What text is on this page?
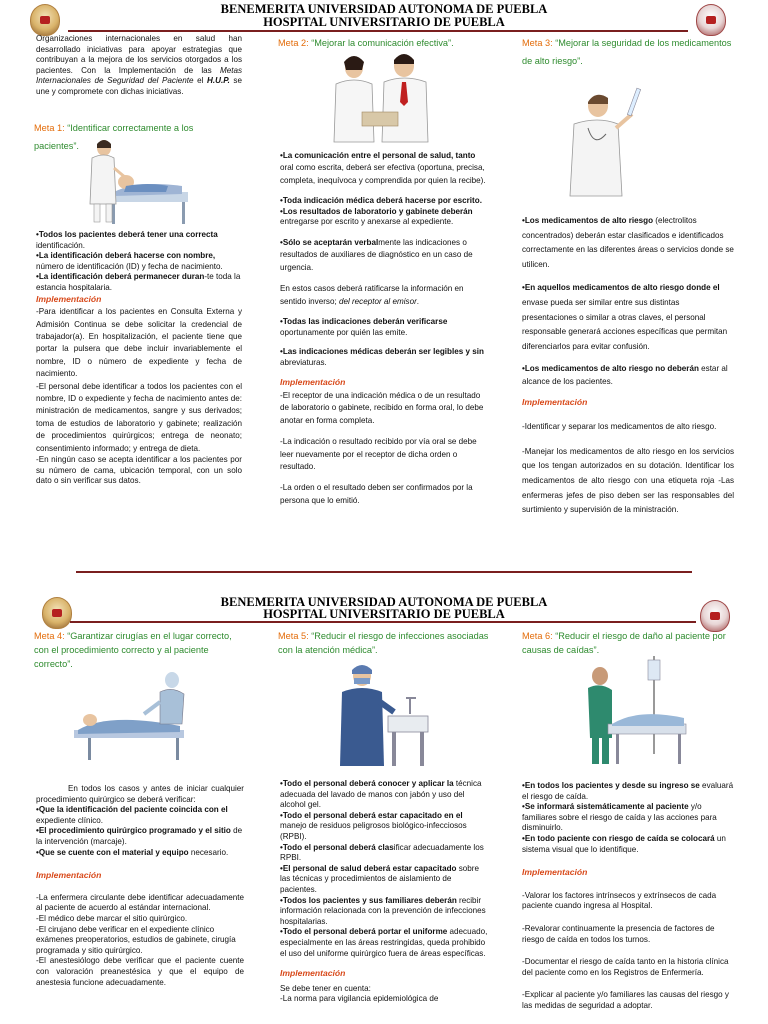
BENEMERITA UNIVERSIDAD AUTONOMA DE PUEBLA
HOSPITAL UNIVERSITARIO DE PUEBLA

Organizaciones internacionales en salud han desarrollado iniciativas para apoyar estrategias que contribuyan a la mejora de los servicios otorgados a los pacientes. Con la Implementación de las Metas Internacionales de Seguridad del Paciente el H.U.P. se une y compromete con dichas iniciativas.

Meta 1: “Identificar correctamente a los pacientes”.

•Todos los pacientes deberá tener una correcta identificación.

•La identificación deberá hacerse con nombre, número de identificación (ID) y fecha de nacimiento.

•La identificación deberá permanecer duran-te toda la estancia hospitalaria.

Implementación

-Para identificar a los pacientes en Consulta Externa y Admisión Continua se debe solicitar la credencial de trabajador(a). En hospitalización, el paciente tiene que portar la pulsera que debe incluir invariablemente el nombre, ID o número de expediente y fecha de nacimiento.

-El personal debe identificar a todos los pacientes con el nombre, ID o expediente y fecha de nacimiento antes de: ministración de medicamentos, sangre y sus derivados; toma de estudios de laboratorio y gabinete; realización de procedimientos quirúrgicos; entrega de neonato; consentimiento informado; y entrega de dieta.

-En ningún caso se acepta identificar a los pacientes por su número de cama, ubicación temporal, con un solo dato o sin verificar sus datos.

Meta 2: “Mejorar la comunicación efectiva”.

•La comunicación entre el personal de salud, tanto oral como escrita, deberá ser efectiva (oportuna, precisa, completa, inequívoca y comprendida por quien la recibe).

•Toda indicación médica deberá hacerse por escrito.

•Los resultados de laboratorio y gabinete deberán entregarse por escrito y anexarse al expediente.

•Sólo se aceptarán verbalmente las indicaciones o resultados de auxiliares de diagnóstico en un caso de urgencia.

En estos casos deberá ratificarse la información en sentido inverso; del receptor al emisor.

•Todas las indicaciones deberán verificarse oportunamente por quién las emite.

•Las indicaciones médicas deberán ser legibles y sin abreviaturas.

Implementación

-El receptor de una indicación médica o de un resultado de laboratorio o gabinete, recibido en forma oral, lo debe anotar en forma completa.

-La indicación o resultado recibido por vía oral se debe leer nuevamente por el receptor de dicha orden o resultado.

-La orden o el resultado deben ser confirmados por la persona que lo emitió.

Meta 3: “Mejorar la seguridad de los medicamentos de alto riesgo”.

•Los medicamentos de alto riesgo (electrolitos concentrados) deberán estar clasificados e identificados correctamente en las diferentes áreas o servicios donde se utilicen.

•En aquellos medicamentos de alto riesgo donde el envase pueda ser similar entre sus distintas presentaciones o similar a otras claves, el personal responsable generará acciones específicas que permitan diferenciarlos para evitar confusión.

•Los medicamentos de alto riesgo no deberán estar al alcance de los pacientes.

Implementación

-Identificar y separar los medicamentos de alto riesgo.

-Manejar los medicamentos de alto riesgo en los servicios que los tengan autorizados en su dotación. Identificar los medicamentos de alto riesgo con una etiqueta roja -Las enfermeras jefes de piso deben ser las responsables del surtimiento y supervisión de la ministración.

BENEMERITA UNIVERSIDAD AUTONOMA DE PUEBLA
HOSPITAL UNIVERSITARIO DE PUEBLA
Meta 4: “Garantizar cirugías en el lugar correcto, con el procedimiento correcto y al paciente correcto”.

En todos los casos y antes de iniciar cualquier procedimiento quirúrgico se deberá verificar:

•Que la identificación del paciente coincida con el expediente clínico.

•El procedimiento quirúrgico programado y el sitio de la intervención (marcaje).

•Que se cuente con el material y equipo necesario.

Implementación

-La enfermera circulante debe identificar adecuadamente al paciente de acuerdo al estándar internacional.

-El médico debe marcar el sitio quirúrgico.

-El cirujano debe verificar en el expediente clínico exámenes preoperatorios, estudios de gabinete, cirugía programada y sitio quirúrgico.

-El anestesiólogo debe verificar que el paciente cuente con valoración preanestésica y que el equipo de anestesia funcione adecuadamente.

Meta 5: “Reducir el riesgo de infecciones asociadas con la atención médica”.

•Todo el personal deberá conocer y aplicar la técnica adecuada del lavado de manos con jabón y uso del alcohol gel.

•Todo el personal deberá estar capacitado en el manejo de residuos peligrosos biológico-infecciosos (RPBI).

•Todo el personal deberá clasificar adecuadamente los RPBI.

•El personal de salud deberá estar capacitado sobre las técnicas y procedimientos de aislamiento de pacientes.

•Todos los pacientes y sus familiares deberán recibir información relacionada con la prevención de infecciones hospitalarias.

•Todo el personal deberá portar el uniforme adecuado, especialmente en las áreas restringidas, queda prohibido el uso del uniforme quirúrgico fuera de áreas específicas.

Implementación

Se debe tener en cuenta:

-La norma para vigilancia epidemiológica de

Meta 6: “Reducir el riesgo de daño al paciente por causas de caídas”.

•En todos los pacientes y desde su ingreso se evaluará el riesgo de caída.

•Se informará sistemáticamente al paciente y/o familiares sobre el riesgo de caída y las acciones para disminuirlo.

•En todo paciente con riesgo de caída se colocará un sistema visual que lo identifique.

Implementación

-Valorar los factores intrínsecos y extrínsecos de cada paciente cuando ingresa al Hospital.

-Revalorar continuamente la presencia de factores de riesgo de caída en todos los turnos.

-Documentar el riesgo de caída tanto en la historia clínica del paciente como en los Registros de Enfermería.

-Explicar al paciente y/o familiares las causas del riesgo y las medidas de seguridad a adoptar.
